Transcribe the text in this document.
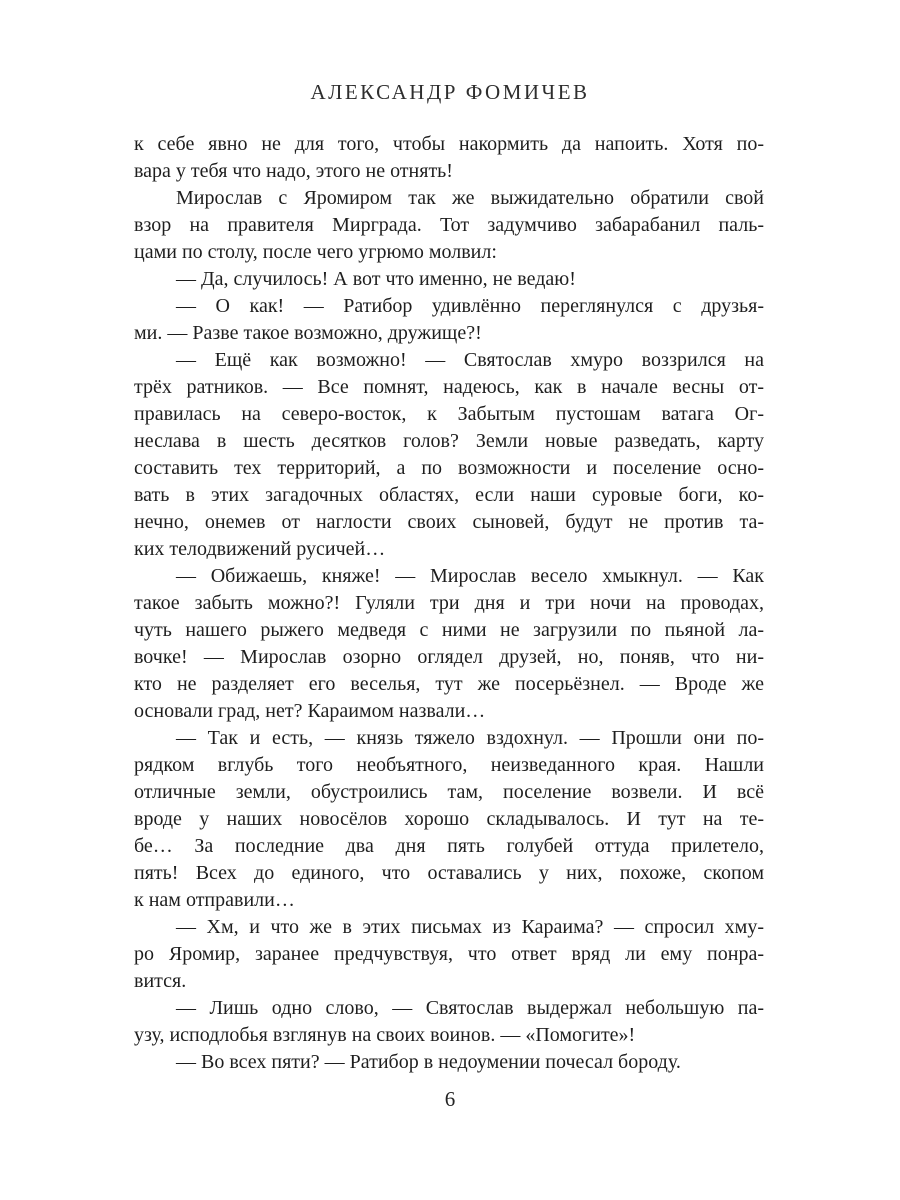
АЛЕКСАНДР ФОМИЧЕВ
к себе явно не для того, чтобы накормить да напоить. Хотя по-
вара у тебя что надо, этого не отнять!
Мирослав с Яромиром так же выжидательно обратили свой
взор на правителя Мирграда. Тот задумчиво забарабанил паль-
цами по столу, после чего угрюмо молвил:
— Да, случилось! А вот что именно, не ведаю!
— О как! — Ратибор удивлённо переглянулся с друзья-
ми. — Разве такое возможно, дружище?!
— Ещё как возможно! — Святослав хмуро воззрился на
трёх ратников. — Все помнят, надеюсь, как в начале весны от-
правилась на северо-восток, к Забытым пустошам ватага Ог-
неслава в шесть десятков голов? Земли новые разведать, карту
составить тех территорий, а по возможности и поселение осно-
вать в этих загадочных областях, если наши суровые боги, ко-
нечно, онемев от наглости своих сыновей, будут не против та-
ких телодвижений русичей…
— Обижаешь, княже! — Мирослав весело хмыкнул. — Как
такое забыть можно?! Гуляли три дня и три ночи на проводах,
чуть нашего рыжего медведя с ними не загрузили по пьяной ла-
вочке! — Мирослав озорно оглядел друзей, но, поняв, что ни-
кто не разделяет его веселья, тут же посерьёзнел. — Вроде же
основали град, нет? Караимом назвали…
— Так и есть, — князь тяжело вздохнул. — Прошли они по-
рядком вглубь того необъятного, неизведанного края. Нашли
отличные земли, обустроились там, поселение возвели. И всё
вроде у наших новосёлов хорошо складывалось. И тут на те-
бе… За последние два дня пять голубей оттуда прилетело,
пять! Всех до единого, что оставались у них, похоже, скопом
к нам отправили…
— Хм, и что же в этих письмах из Караима? — спросил хму-
ро Яромир, заранее предчувствуя, что ответ вряд ли ему понра-
вится.
— Лишь одно слово, — Святослав выдержал небольшую па-
узу, исподлобья взглянув на своих воинов. — «Помогите»!
— Во всех пяти? — Ратибор в недоумении почесал бороду.
6
